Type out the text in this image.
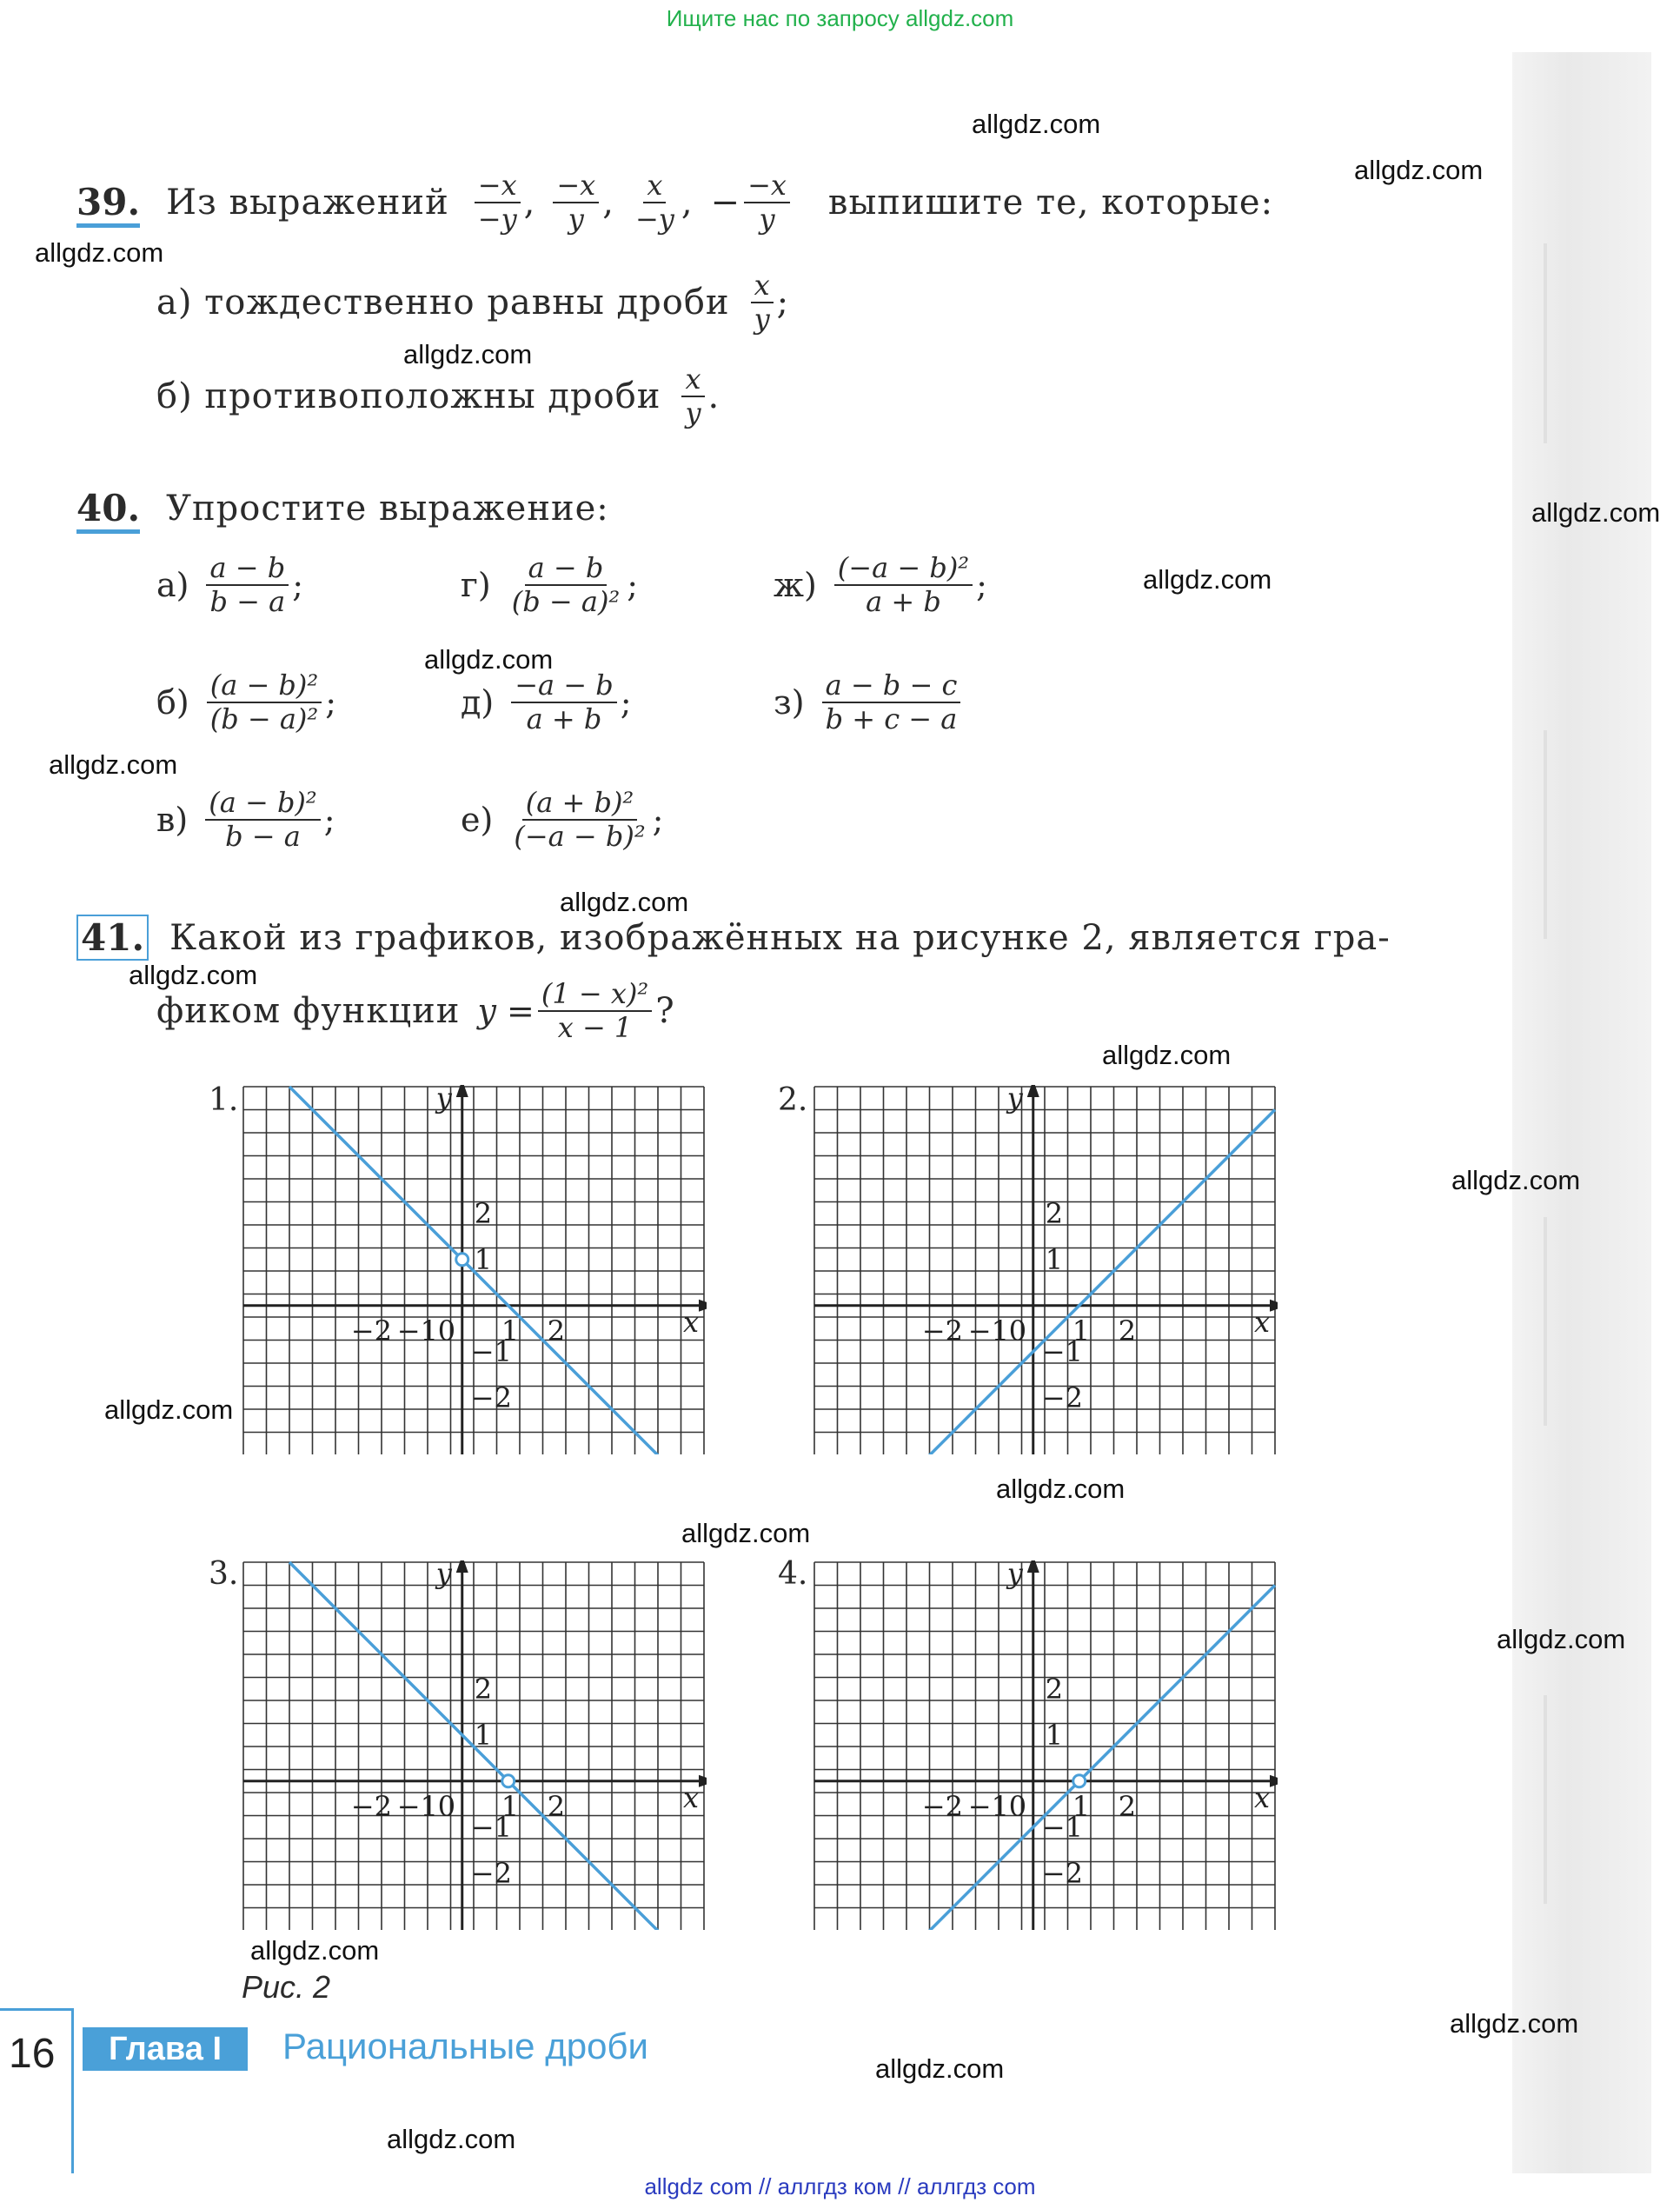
Ищите нас по запросу allgdz.com
39. Из выражений $\frac{-x}{-y}$ , $\frac{-x}{y}$ , $\frac{x}{-y}$ , − $\frac{-x}{y}$ выпишите те, которые:
а) тождественно равны дроби $\frac{x}{y}$ ;
б) противоположны дроби $\frac{x}{y}$ .
40. Упростите выражение:
$а) \frac{a - b}{b - a}$ ;	$г) \frac{a - b}{\text{(b − a)²}}$ ;	$ж) \frac{\text{(−a − b)²}}{a + b}$ ;
$б) \frac{\text{(a − b)²}}{\text{(b − a)²}}$ ;	$д) \frac{-a - b}{a + b}$ ;	$з) \frac{a - b - c}{b + c - a}$
$в) \frac{\text{(a − b)²}}{b - a}$ ;	$е) \frac{\text{(a + b)²}}{\text{(−a − b)²}}$ ;
41. Какой из графиков, изображённых на рисунке 2, является гра-
фиком функции $y = \frac{\text{(1 − x)²}}{x - 1}$ ?
1.	2.
3.	4.
x
y
0
−2
−2
−1
−1
1
1
2
2
x
y
0
−2
−2
−1
−1
1
1
2
2
x
y
0
−2
−2
−1
−1
1
1
2
2
x
y
0
−2
−2
−1
−1
1
1
2
2
Рис. 2
16	Глава I	Рациональные дроби
allgdz.com
allgdz.com
allgdz.com
allgdz.com
allgdz.com
allgdz.com
allgdz.com
allgdz.com
allgdz.com
allgdz.com
allgdz.com
allgdz.com
allgdz.com
allgdz.com
allgdz.com
allgdz.com
allgdz.com
allgdz.com
allgdz.com
allgdz.com
allgdz com // аллгдз ком // аллгдз com
